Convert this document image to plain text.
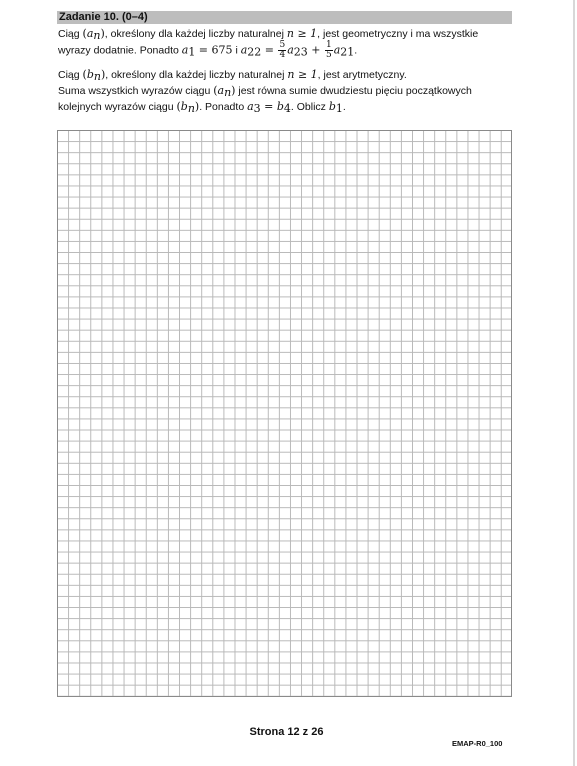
Zadanie 10. (0–4)
Ciąg $(a_n)$, określony dla każdej liczby naturalnej n ≥ 1, jest geometryczny i ma wszystkie
wyrazy dodatnie. Ponadto $a_1 = 675$ i $a_{22} = \frac{5}{4} a_{23} + \frac{1}{5} a_{21}$.
Ciąg $(b_n)$, określony dla każdej liczby naturalnej n ≥ 1, jest arytmetyczny.
Suma wszystkich wyrazów ciągu $(a_n)$ jest równa sumie dwudziestu pięciu początkowych
kolejnych wyrazów ciągu $(b_n)$. Ponadto $a_3 = b_4$. Oblicz $b_1$.
Strona 12 z 26
EMAP-R0_100
